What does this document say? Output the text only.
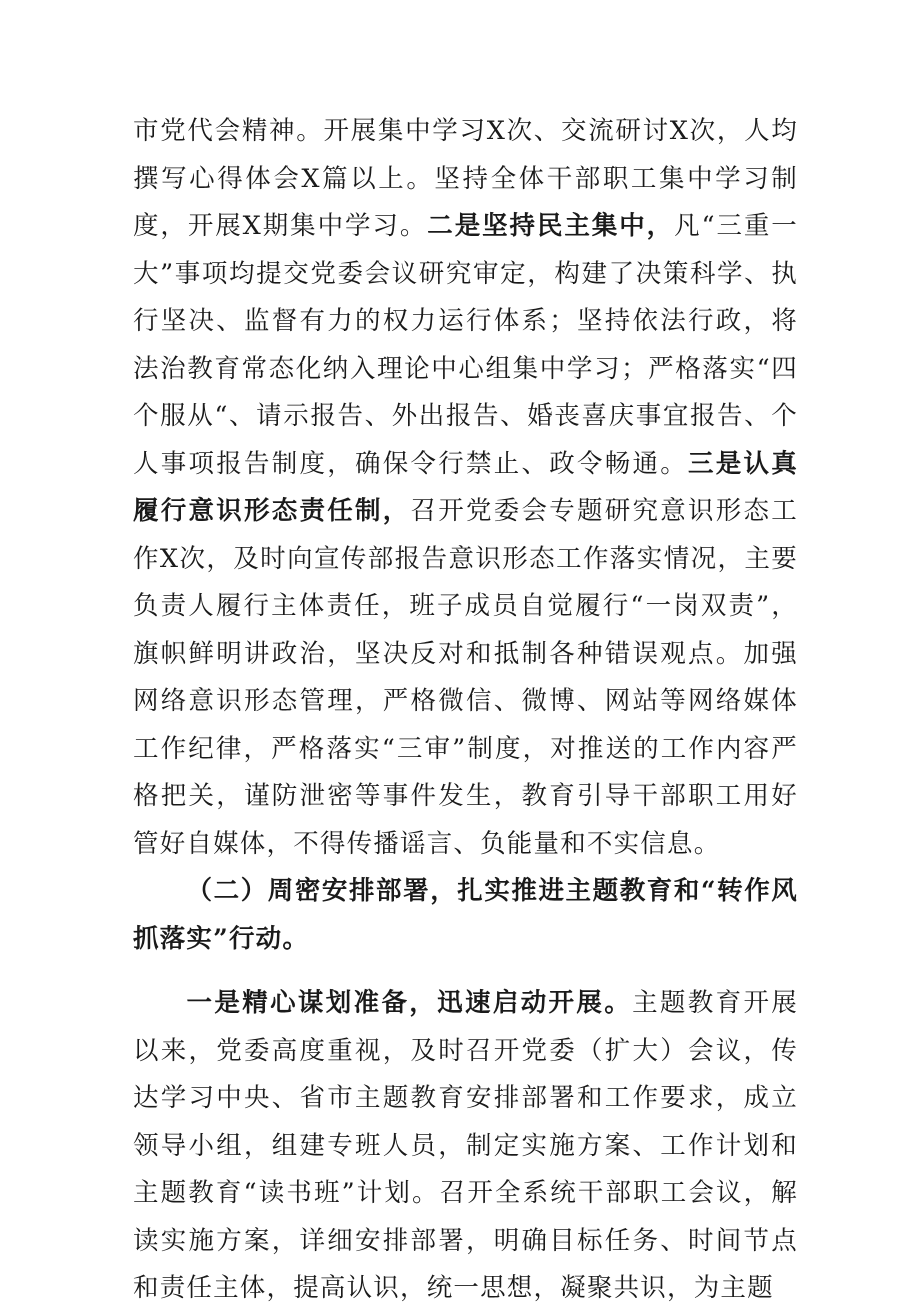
市党代会精神。开展集中学习X次、交流研讨X次，人均撰写心得体会X篇以上。坚持全体干部职工集中学习制度，开展X期集中学习。二是坚持民主集中，凡“三重一大”事项均提交党委会议研究审定，构建了决策科学、执行坚决、监督有力的权力运行体系；坚持依法行政，将法治教育常态化纳入理论中心组集中学习；严格落实“四个服从“、请示报告、外出报告、婚丧喜庆事宜报告、个人事项报告制度，确保令行禁止、政令畅通。三是认真履行意识形态责任制，召开党委会专题研究意识形态工作X次，及时向宣传部报告意识形态工作落实情况，主要负责人履行主体责任，班子成员自觉履行“一岗双责”，旗帜鲜明讲政治，坚决反对和抵制各种错误观点。加强网络意识形态管理，严格微信、微博、网站等网络媒体工作纪律，严格落实“三审”制度，对推送的工作内容严格把关，谨防泄密等事件发生，教育引导干部职工用好管好自媒体，不得传播谣言、负能量和不实信息。

（二）周密安排部署，扎实推进主题教育和“转作风抓落实”行动。

一是精心谋划准备，迅速启动开展。主题教育开展以来，党委高度重视，及时召开党委（扩大）会议，传达学习中央、省市主题教育安排部署和工作要求，成立领导小组，组建专班人员，制定实施方案、工作计划和主题教育“读书班”计划。召开全系统干部职工会议，解读实施方案，详细安排部署，明确目标任务、时间节点和责任主体，提高认识，统一思想，凝聚共识，为主题
